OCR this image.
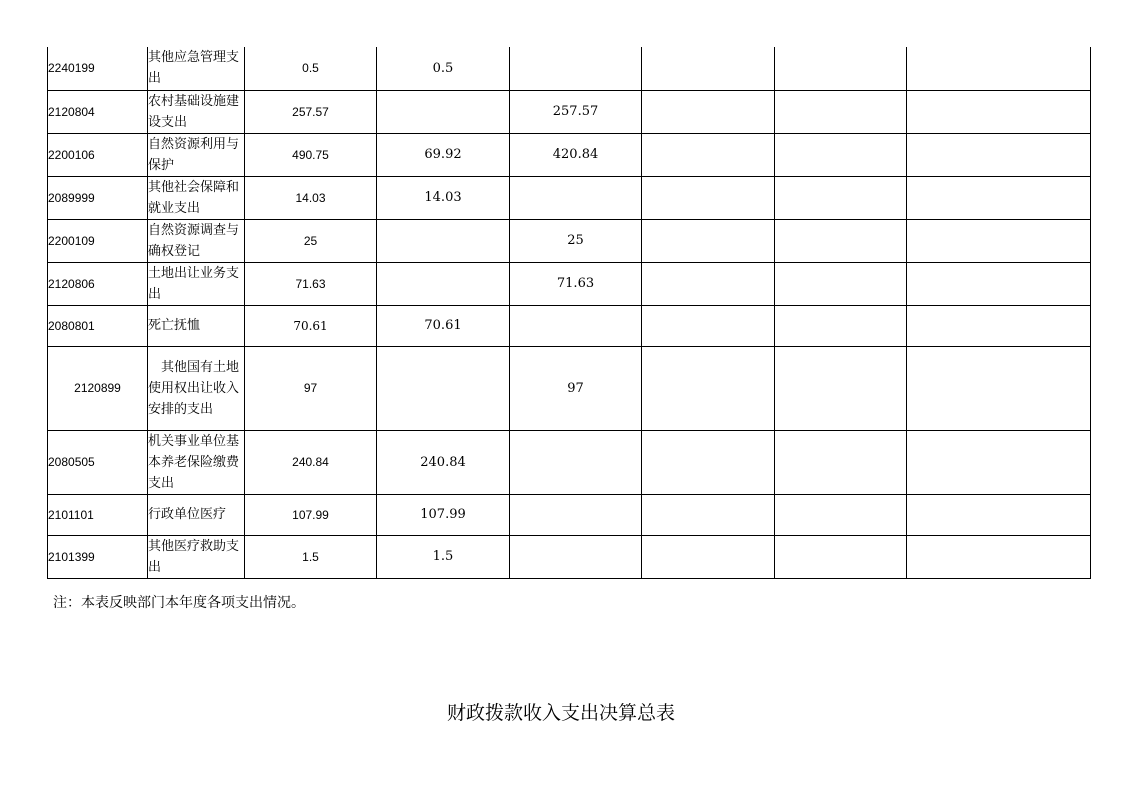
2240199	其他应急管理支出	0.5	0.5				
2120804	农村基础设施建设支出	257.57		257.57			
2200106	自然资源利用与保护	490.75	69.92	420.84			
2089999	其他社会保障和就业支出	14.03	14.03				
2200109	自然资源调查与确权登记	25		25			
2120806	土地出让业务支出	71.63		71.63			
2080801	死亡抚恤	70.61	70.61				
2120899	其他国有土地使用权出让收入安排的支出	97		97			
2080505	机关事业单位基本养老保险缴费支出	240.84	240.84				
2101101	行政单位医疗	107.99	107.99				
2101399	其他医疗救助支出	1.5	1.5				
注：本表反映部门本年度各项支出情况。
财政拨款收入支出决算总表
